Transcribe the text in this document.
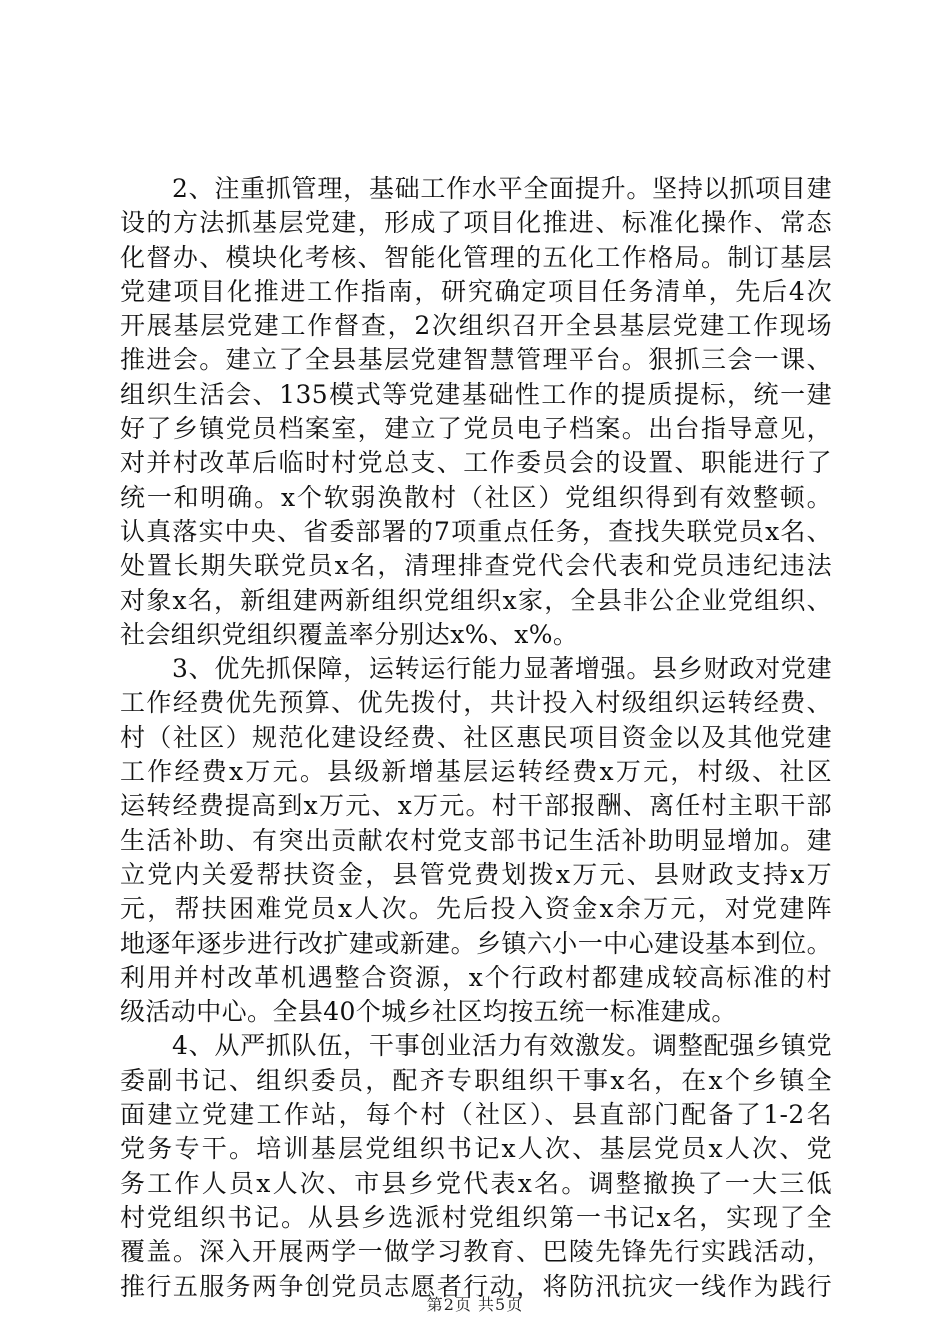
2、注重抓管理，基础工作水平全面提升。坚持以抓项目建
设的方法抓基层党建，形成了项目化推进、标准化操作、常态
化督办、模块化考核、智能化管理的五化工作格局。制订基层
党建项目化推进工作指南，研究确定项目任务清单，先后4次
开展基层党建工作督查，2次组织召开全县基层党建工作现场
推进会。建立了全县基层党建智慧管理平台。狠抓三会一课、
组织生活会、135模式等党建基础性工作的提质提标，统一建
好了乡镇党员档案室，建立了党员电子档案。出台指导意见，
对并村改革后临时村党总支、工作委员会的设置、职能进行了
统一和明确。x个软弱涣散村（社区）党组织得到有效整顿。
认真落实中央、省委部署的7项重点任务，查找失联党员x名、
处置长期失联党员x名，清理排查党代会代表和党员违纪违法
对象x名，新组建两新组织党组织x家，全县非公企业党组织、
社会组织党组织覆盖率分别达x%、x%。
3、优先抓保障，运转运行能力显著增强。县乡财政对党建
工作经费优先预算、优先拨付，共计投入村级组织运转经费、
村（社区）规范化建设经费、社区惠民项目资金以及其他党建
工作经费x万元。县级新增基层运转经费x万元，村级、社区
运转经费提高到x万元、x万元。村干部报酬、离任村主职干部
生活补助、有突出贡献农村党支部书记生活补助明显增加。建
立党内关爱帮扶资金，县管党费划拨x万元、县财政支持x万
元，帮扶困难党员x人次。先后投入资金x余万元，对党建阵
地逐年逐步进行改扩建或新建。乡镇六小一中心建设基本到位。
利用并村改革机遇整合资源，x个行政村都建成较高标准的村
级活动中心。全县40个城乡社区均按五统一标准建成。
4、从严抓队伍，干事创业活力有效激发。调整配强乡镇党
委副书记、组织委员，配齐专职组织干事x名，在x个乡镇全
面建立党建工作站，每个村（社区）、县直部门配备了1-2名
党务专干。培训基层党组织书记x人次、基层党员x人次、党
务工作人员x人次、市县乡党代表x名。调整撤换了一大三低
村党组织书记。从县乡选派村党组织第一书记x名，实现了全
覆盖。深入开展两学一做学习教育、巴陵先锋先行实践活动，
推行五服务两争创党员志愿者行动，将防汛抗灾一线作为践行
第2页 共5页
